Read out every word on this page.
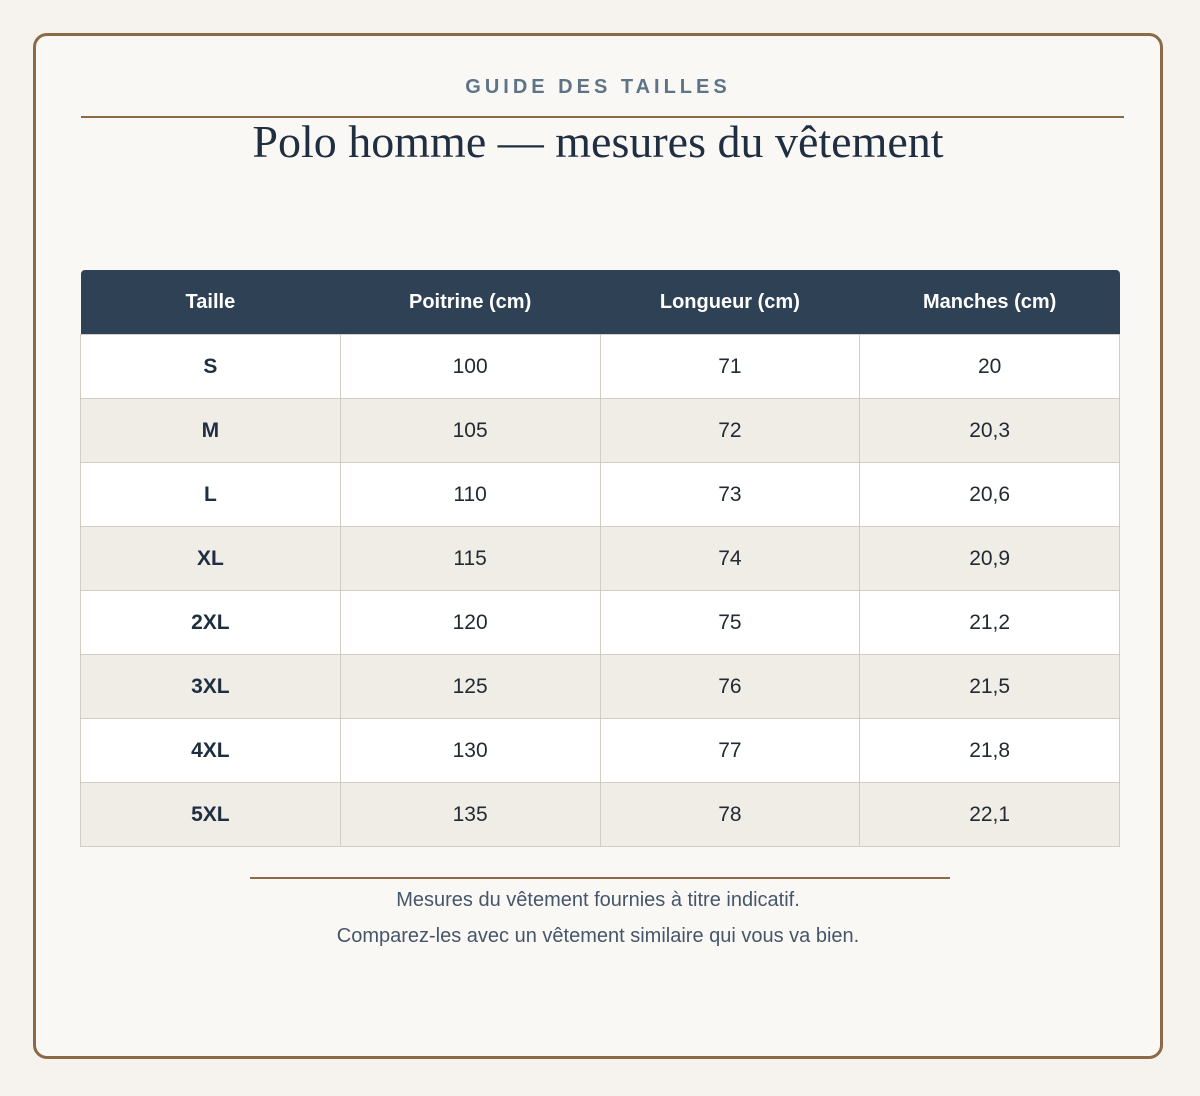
GUIDE DES TAILLES
Polo homme — mesures du vêtement
Taille	Poitrine (cm)	Longueur (cm)	Manches (cm)
S	100	71	20
M	105	72	20,3
L	110	73	20,6
XL	115	74	20,9
2XL	120	75	21,2
3XL	125	76	21,5
4XL	130	77	21,8
5XL	135	78	22,1
Mesures du vêtement fournies à titre indicatif.
Comparez-les avec un vêtement similaire qui vous va bien.
